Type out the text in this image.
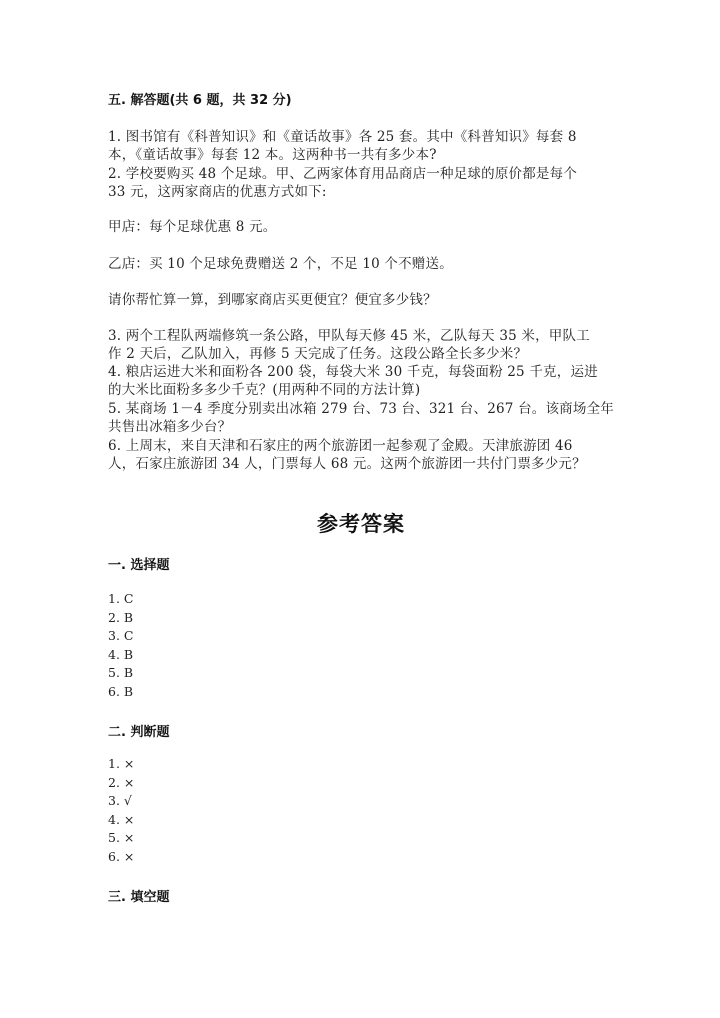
五. 解答题(共 6 题，共 32 分)
1. 图书馆有《科普知识》和《童话故事》各 25 套。其中《科普知识》每套 8
本，《童话故事》每套 12 本。这两种书一共有多少本?
2. 学校要购买 48 个足球。甲、乙两家体育用品商店一种足球的原价都是每个
33 元，这两家商店的优惠方式如下:
甲店：每个足球优惠 8 元。
乙店：买 10 个足球免费赠送 2 个，不足 10 个不赠送。
请你帮忙算一算，到哪家商店买更便宜？便宜多少钱？
3. 两个工程队两端修筑一条公路，甲队每天修 45 米，乙队每天 35 米，甲队工
作 2 天后，乙队加入，再修 5 天完成了任务。这段公路全长多少米？
4. 粮店运进大米和面粉各 200 袋，每袋大米 30 千克，每袋面粉 25 千克，运进
的大米比面粉多多少千克？(用两种不同的方法计算)
5. 某商场 1－4 季度分别卖出冰箱 279 台、73 台、321 台、267 台。该商场全年
共售出冰箱多少台？
6. 上周末，来自天津和石家庄的两个旅游团一起参观了金殿。天津旅游团 46
人，石家庄旅游团 34 人，门票每人 68 元。这两个旅游团一共付门票多少元？
参考答案
一. 选择题
1. C
2. B
3. C
4. B
5. B
6. B
二. 判断题
1. ×
2. ×
3. √
4. ×
5. ×
6. ×
三. 填空题
